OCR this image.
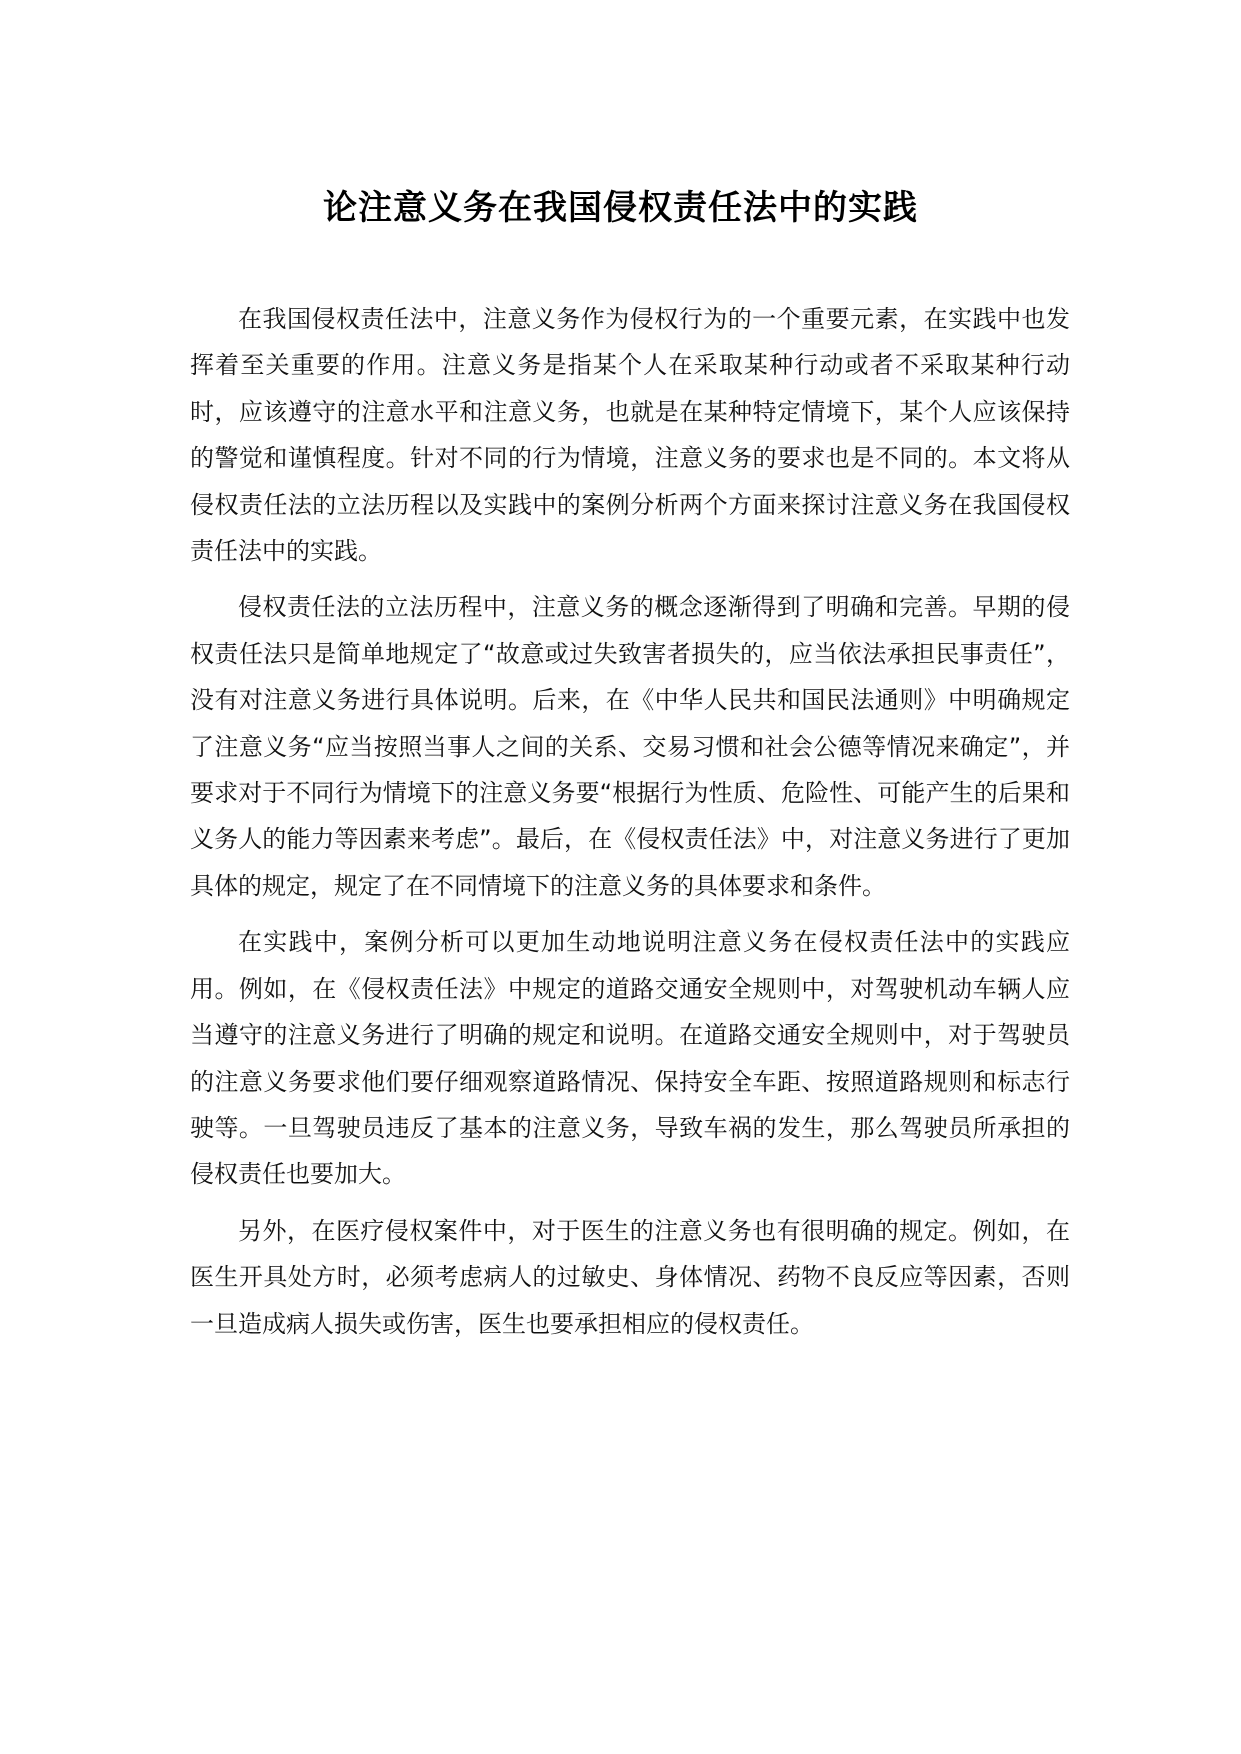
论注意义务在我国侵权责任法中的实践

在我国侵权责任法中，注意义务作为侵权行为的一个重要元素，在实践中也发挥着至关重要的作用。注意义务是指某个人在采取某种行动或者不采取某种行动时，应该遵守的注意水平和注意义务，也就是在某种特定情境下，某个人应该保持的警觉和谨慎程度。针对不同的行为情境，注意义务的要求也是不同的。本文将从侵权责任法的立法历程以及实践中的案例分析两个方面来探讨注意义务在我国侵权责任法中的实践。

侵权责任法的立法历程中，注意义务的概念逐渐得到了明确和完善。早期的侵权责任法只是简单地规定了“故意或过失致害者损失的，应当依法承担民事责任”，没有对注意义务进行具体说明。后来，在《中华人民共和国民法通则》中明确规定了注意义务“应当按照当事人之间的关系、交易习惯和社会公德等情况来确定”，并要求对于不同行为情境下的注意义务要“根据行为性质、危险性、可能产生的后果和义务人的能力等因素来考虑”。最后，在《侵权责任法》中，对注意义务进行了更加具体的规定，规定了在不同情境下的注意义务的具体要求和条件。

在实践中，案例分析可以更加生动地说明注意义务在侵权责任法中的实践应用。例如，在《侵权责任法》中规定的道路交通安全规则中，对驾驶机动车辆人应当遵守的注意义务进行了明确的规定和说明。在道路交通安全规则中，对于驾驶员的注意义务要求他们要仔细观察道路情况、保持安全车距、按照道路规则和标志行驶等。一旦驾驶员违反了基本的注意义务，导致车祸的发生，那么驾驶员所承担的侵权责任也要加大。

另外，在医疗侵权案件中，对于医生的注意义务也有很明确的规定。例如，在医生开具处方时，必须考虑病人的过敏史、身体情况、药物不良反应等因素，否则一旦造成病人损失或伤害，医生也要承担相应的侵权责任。
